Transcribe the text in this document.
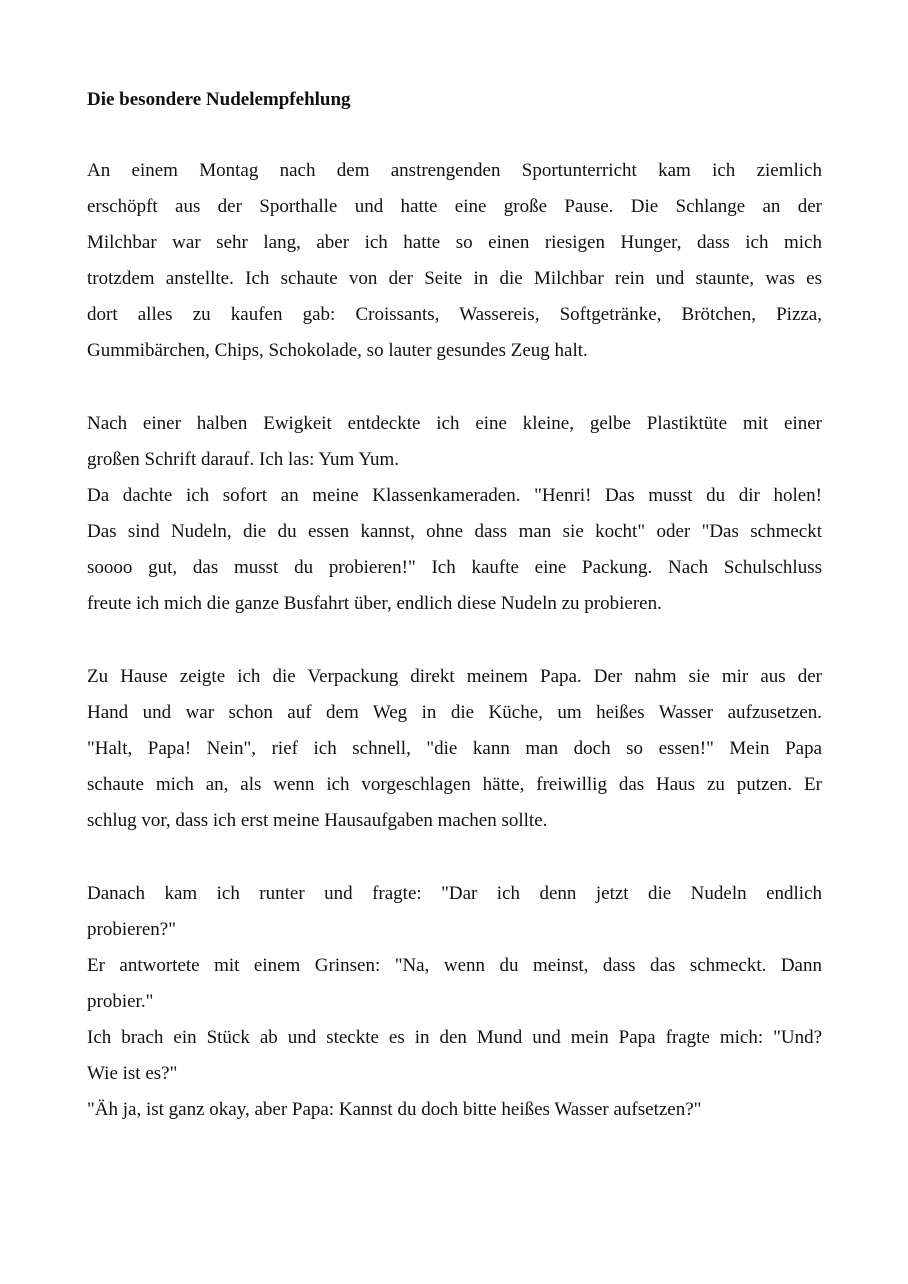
Die besondere Nudelempfehlung
An einem Montag nach dem anstrengenden Sportunterricht kam ich ziemlich
erschöpft aus der Sporthalle und hatte eine große Pause. Die Schlange an der
Milchbar war sehr lang, aber ich hatte so einen riesigen Hunger, dass ich mich
trotzdem anstellte. Ich schaute von der Seite in die Milchbar rein und staunte, was es
dort alles zu kaufen gab: Croissants, Wassereis, Softgetränke, Brötchen, Pizza,
Gummibärchen, Chips, Schokolade, so lauter gesundes Zeug halt.
Nach einer halben Ewigkeit entdeckte ich eine kleine, gelbe Plastiktüte mit einer
großen Schrift darauf. Ich las: Yum Yum.
Da dachte ich sofort an meine Klassenkameraden. "Henri! Das musst du dir holen!
Das sind Nudeln, die du essen kannst, ohne dass man sie kocht" oder "Das schmeckt
soooo gut, das musst du probieren!" Ich kaufte eine Packung. Nach Schulschluss
freute ich mich die ganze Busfahrt über, endlich diese Nudeln zu probieren.
Zu Hause zeigte ich die Verpackung direkt meinem Papa. Der nahm sie mir aus der
Hand und war schon auf dem Weg in die Küche, um heißes Wasser aufzusetzen.
"Halt, Papa! Nein", rief ich schnell, "die kann man doch so essen!" Mein Papa
schaute mich an, als wenn ich vorgeschlagen hätte, freiwillig das Haus zu putzen. Er
schlug vor, dass ich erst meine Hausaufgaben machen sollte.
Danach kam ich runter und fragte: "Dar ich denn jetzt die Nudeln endlich
probieren?"
Er antwortete mit einem Grinsen: "Na, wenn du meinst, dass das schmeckt. Dann
probier."
Ich brach ein Stück ab und steckte es in den Mund und mein Papa fragte mich: "Und?
Wie ist es?"
"Äh ja, ist ganz okay, aber Papa: Kannst du doch bitte heißes Wasser aufsetzen?"
